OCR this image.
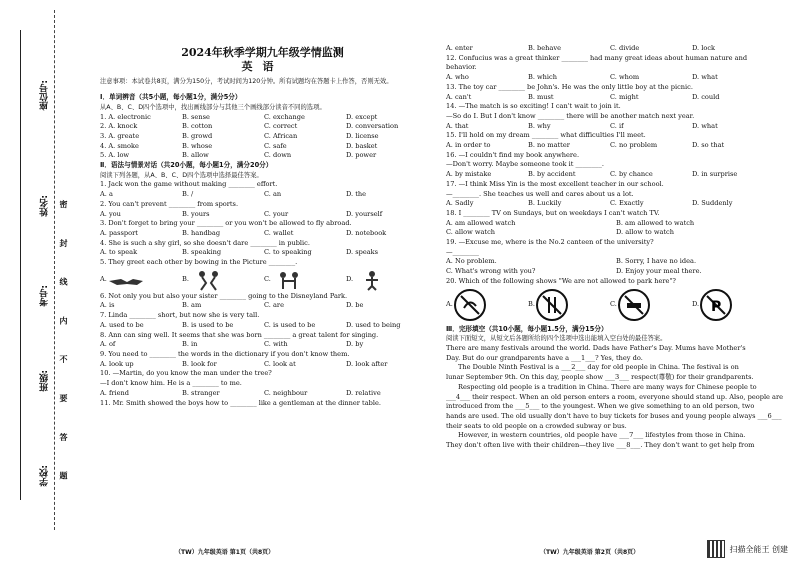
座位号:
姓名:
考号:
班级:
学校: 密 封 线 内 不 要 答 题
2024年秋季学期九年级学情监测
英语
注意事项：本试卷共8页，满分为150分，考试时间为120分钟。所有试题均在答题卡上作答，否则无效。
Ⅰ．单词辨音（共5小题，每小题1分，满分5分）
从A、B、C、D四个选项中，找出画线部分与其他三个画线部分读音不同的选项。
1. A. electronic	B. sense	C. exchange	D. except
2. A. knock	B. cotton	C. correct	D. conversation
3. A. greate	B. growd	C. African	D. license
4. A. smoke	B. whose	C. safe	D. basket
5. A. low	B. allow	C. down	D. power
Ⅱ．语法与情景对话（共20小题，每小题1分，满分20分）
阅读下列各题，从A、B、C、D四个选项中选择最佳答案。
1. Jack won the game without making ________ effort.
A. a	B. /	C. an	D. the
2. You can't prevent ________ from sports.
A. you	B. yours	C. your	D. yourself
3. Don't forget to bring your ________ or you won't be allowed to fly abroad.
A. passport	B. handbag	C. wallet	D. notebook
4. She is such a shy girl, so she doesn't dare ________ in public.
A. to speak	B. speaking	C. to speaking	D. speaks
5. They greet each other by bowing in the Picture ________.
A.	B.	C.	D.
6. Not only you but also your sister ________ going to the Disneyland Park.
A. is	B. am	C. are	D. be
7. Linda ________ short, but now she is very tall.
A. used to be	B. is used to be	C. is used to be	D. used to being
8. Ann can sing well. It seems that she was born ________ a great talent for singing.
A. of	B. in	C. with	D. by
9. You need to ________ the words in the dictionary if you don't know them.
A. look up	B. look for	C. look at	D. look after
10. —Martin, do you know the man under the tree?
—I don't know him. He is a ________ to me.
A. friend	B. stranger	C. neighbour	D. relative
11. Mr. Smith showed the boys how to ________ like a gentleman at the dinner table.
（TW）九年级英语 第1页（共8页）
A. enter	B. behave	C. divide	D. lock
12. Confucius was a great thinker ________ had many great ideas about human nature and
behavior.
A. who	B. which	C. whom	D. what
13. The toy car ________ be John's. He was the only little boy at the picnic.
A. can't	B. must	C. might	D. could
14. —The match is so exciting! I can't wait to join it.
—So do I. But I don't know ________ there will be another match next year.
A. that	B. why	C. if	D. what
15. I'll hold on my dream ________ what difficulties I'll meet.
A. in order to	B. no matter	C. no problem	D. so that
16. —I couldn't find my book anywhere.
—Don't worry. Maybe someone took it ________.
A. by mistake	B. by accident	C. by chance	D. in surprise
17. —I think Miss Yin is the most excellent teacher in our school.
—________. She teaches us well and cares about us a lot.
A. Sadly	B. Luckily	C. Exactly	D. Suddenly
18. I ________ TV on Sundays, but on weekdays I can't watch TV.
A. am allowed watch	B. am allowed to watch
C. allow watch	D. allow to watch
19. —Excuse me, where is the No.2 canteen of the university?
—________
A. No problem.	B. Sorry, I have no idea.
C. What's wrong with you?	D. Enjoy your meal there.
20. Which of the following shows "We are not allowed to park here"?
A.	B.	C.	D. P
Ⅲ．完形填空（共10小题，每小题1.5分，满分15分）
阅读下面短文，从短文后各题所给的四个选项中选出能填入空白处的最佳答案。
There are many festivals around the world. Dads have Father's Day. Mums have Mother's
Day. But do our grandparents have a ___1___? Yes, they do.
The Double Ninth Festival is a ___2___ day for old people in China. The festival is on
lunar September 9th. On this day, people show ___3___ respect(尊敬) for their grandparents.
Respecting old people is a tradition in China. There are many ways for Chinese people to
___4___ their respect. When an old person enters a room, everyone should stand up. Also, people are
introduced from the ___5___ to the youngest. When we give something to an old person, two
hands are used. The old usually don't have to buy tickets for buses and young people always ___6___
their seats to old people on a crowded subway or bus.
However, in western countries, old people have ___7___ lifestyles from those in China.
They don't often live with their children—they live ___8___. They don't want to get help from
（TW）九年级英语 第2页（共8页）	扫描全能王 创建
